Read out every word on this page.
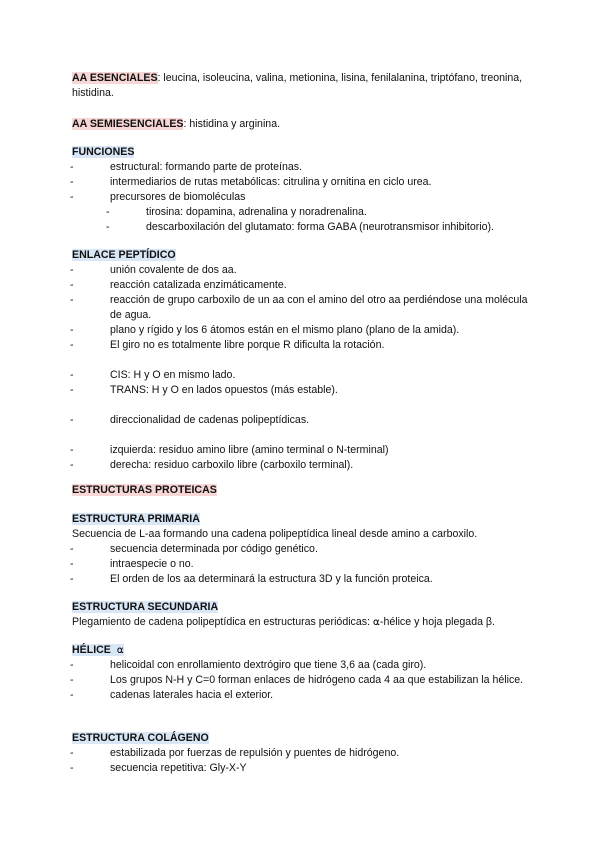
AA ESENCIALES: leucina, isoleucina, valina, metionina, lisina, fenilalanina, triptófano, treonina, histidina.
AA SEMIESENCIALES: histidina y arginina.
FUNCIONES
- estructural: formando parte de proteínas.
- intermediarios de rutas metabólicas: citrulina y ornitina en ciclo urea.
- precursores de biomoléculas
- tirosina: dopamina, adrenalina y noradrenalina.
- descarboxilación del glutamato: forma GABA (neurotransmisor inhibitorio).
ENLACE PEPTÍDICO
- unión covalente de dos aa.
- reacción catalizada enzimáticamente.
- reacción de grupo carboxilo de un aa con el amino del otro aa perdiéndose una molécula de agua.
- plano y rígido y los 6 átomos están en el mismo plano (plano de la amida).
- El giro no es totalmente libre porque R dificulta la rotación.
- CIS: H y O en mismo lado.
- TRANS: H y O en lados opuestos (más estable).
- direccionalidad de cadenas polipeptídicas.
- izquierda: residuo amino libre (amino terminal o N-terminal)
- derecha: residuo carboxilo libre (carboxilo terminal).
ESTRUCTURAS PROTEICAS
ESTRUCTURA PRIMARIA
Secuencia de L-aa formando una cadena polipeptídica lineal desde amino a carboxilo.
- secuencia determinada por código genético.
- intraespecie o no.
- El orden de los aa determinará la estructura 3D y la función proteica.
ESTRUCTURA SECUNDARIA
Plegamiento de cadena polipeptídica en estructuras periódicas: ⍺-hélice y hoja plegada β.
HÉLICE ⍺
- helicoidal con enrollamiento dextrógiro que tiene 3,6 aa (cada giro).
- Los grupos N-H y C=0 forman enlaces de hidrógeno cada 4 aa que estabilizan la hélice.
- cadenas laterales hacia el exterior.
ESTRUCTURA COLÁGENO
- estabilizada por fuerzas de repulsión y puentes de hidrógeno.
- secuencia repetitiva: Gly-X-Y
